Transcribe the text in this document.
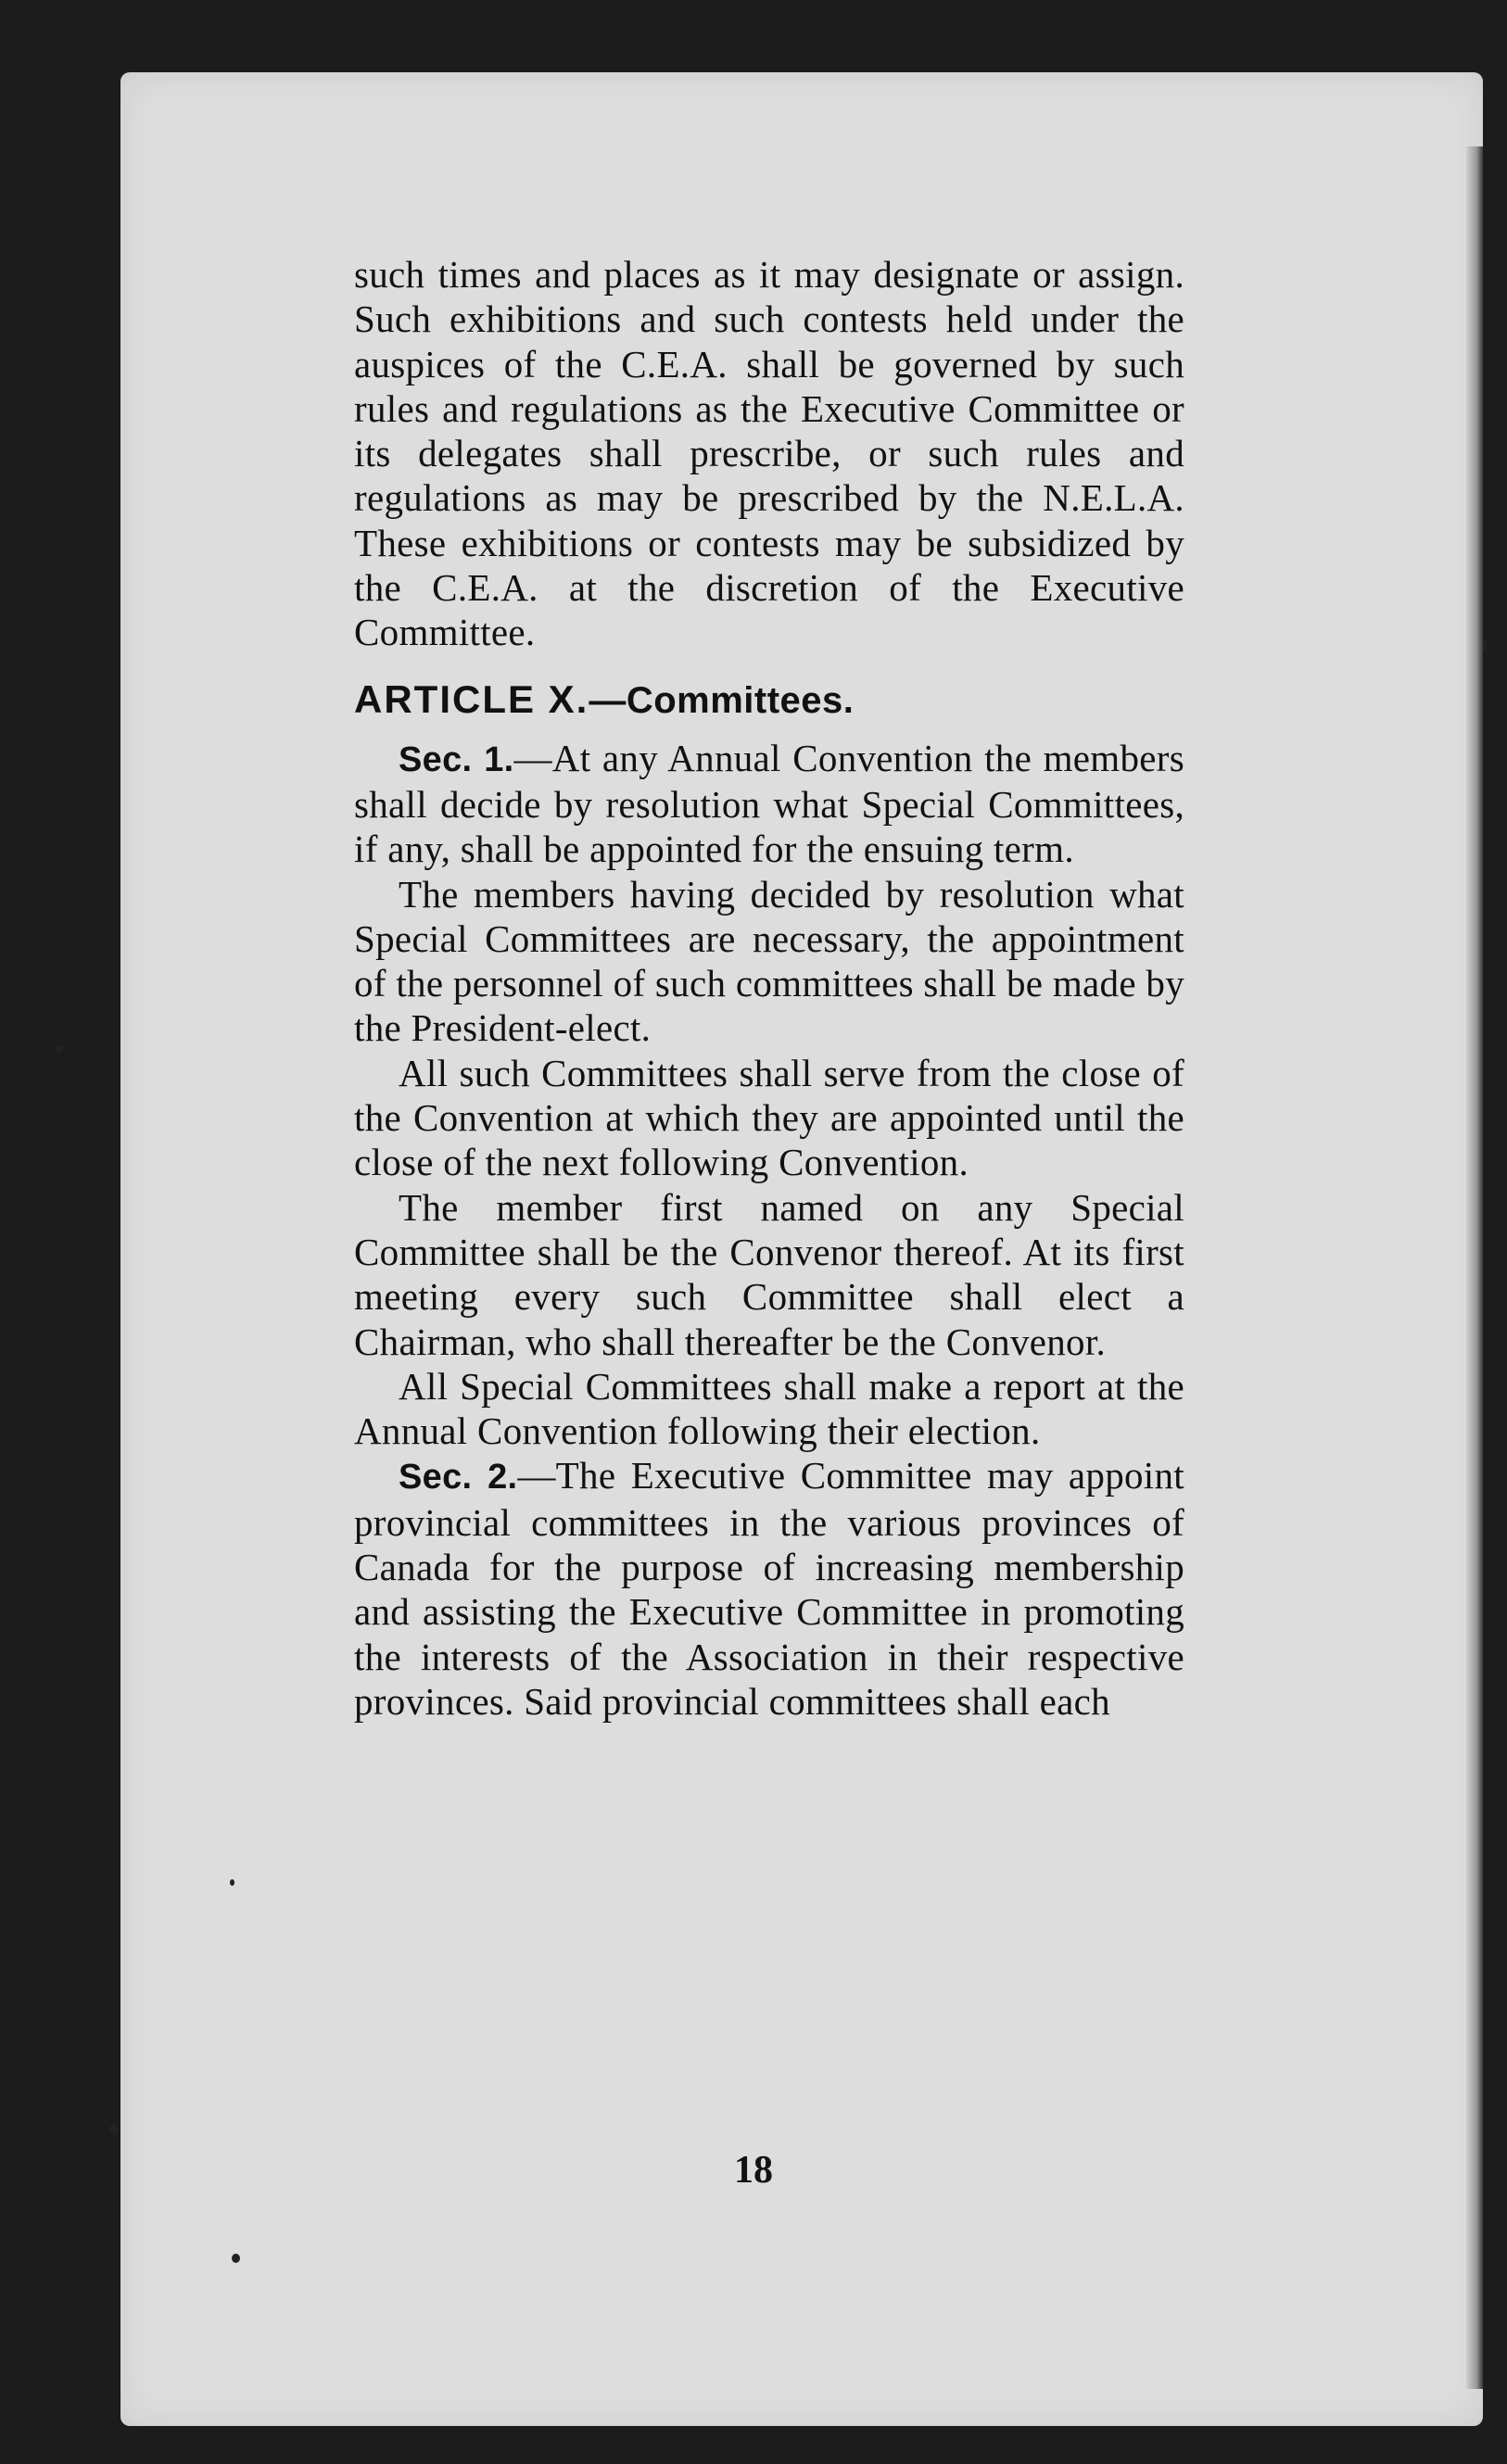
such times and places as it may designate or assign. Such exhibitions and such contests held under the auspices of the C.E.A. shall be governed by such rules and regulations as the Executive Committee or its delegates shall prescribe, or such rules and regulations as may be prescribed by the N.E.L.A. These exhibitions or contests may be subsidized by the C.E.A. at the discretion of the Executive Committee.

ARTICLE X.—Committees.

Sec. 1.—At any Annual Convention the members shall decide by resolution what Special Committees, if any, shall be appointed for the ensuing term.

The members having decided by resolution what Special Committees are necessary, the appointment of the personnel of such committees shall be made by the President-elect.

All such Committees shall serve from the close of the Convention at which they are appointed until the close of the next following Convention.

The member first named on any Special Committee shall be the Convenor thereof. At its first meeting every such Committee shall elect a Chairman, who shall thereafter be the Convenor.

All Special Committees shall make a report at the Annual Convention following their election.

Sec. 2.—The Executive Committee may appoint provincial committees in the various provinces of Canada for the purpose of increasing membership and assisting the Executive Committee in promoting the interests of the Association in their respective provinces. Said provincial committees shall each

18
